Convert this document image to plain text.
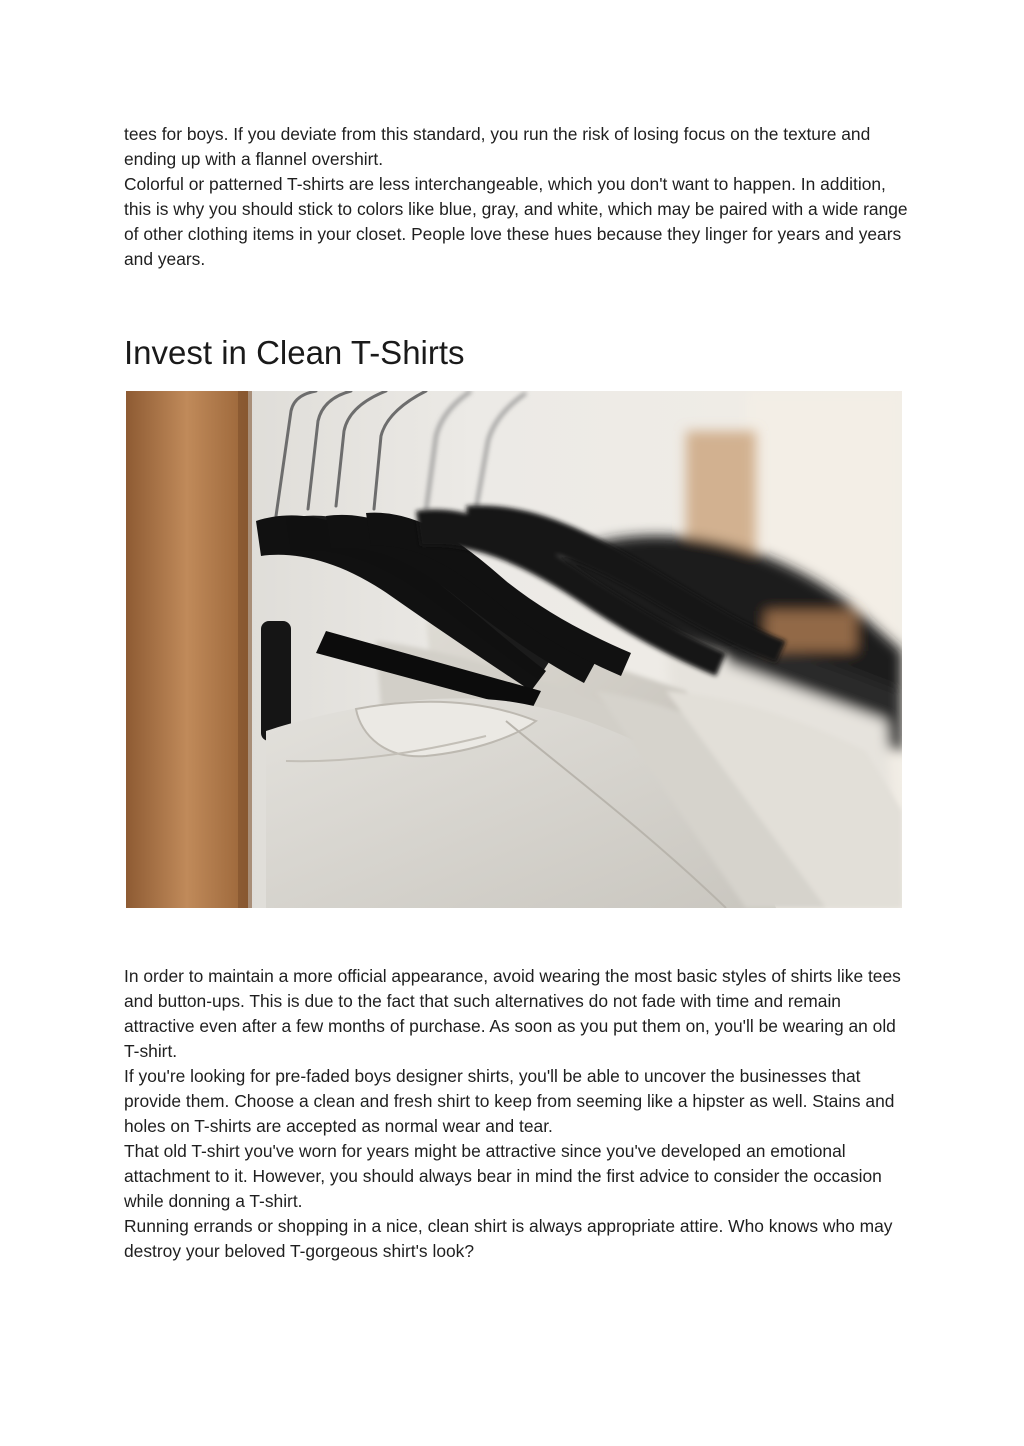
tees for boys. If you deviate from this standard, you run the risk of losing focus on the texture and ending up with a flannel overshirt.

Colorful or patterned T-shirts are less interchangeable, which you don't want to happen. In addition, this is why you should stick to colors like blue, gray, and white, which may be paired with a wide range of other clothing items in your closet. People love these hues because they linger for years and years and years.

Invest in Clean T-Shirts

In order to maintain a more official appearance, avoid wearing the most basic styles of shirts like tees and button-ups. This is due to the fact that such alternatives do not fade with time and remain attractive even after a few months of purchase. As soon as you put them on, you'll be wearing an old T-shirt.

If you're looking for pre-faded boys designer shirts, you'll be able to uncover the businesses that provide them. Choose a clean and fresh shirt to keep from seeming like a hipster as well. Stains and holes on T-shirts are accepted as normal wear and tear.

That old T-shirt you've worn for years might be attractive since you've developed an emotional attachment to it. However, you should always bear in mind the first advice to consider the occasion while donning a T-shirt.

Running errands or shopping in a nice, clean shirt is always appropriate attire. Who knows who may destroy your beloved T-gorgeous shirt's look?
